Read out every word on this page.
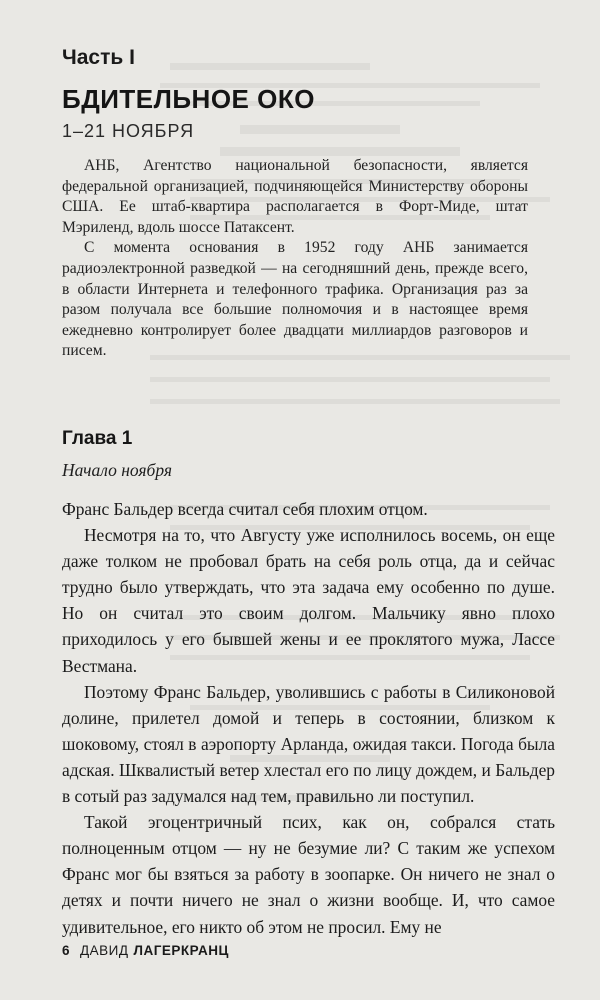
Часть I
БДИТЕЛЬНОЕ ОКО
1–21 НОЯБРЯ

АНБ, Агентство национальной безопасности, является федеральной организацией, подчиняющейся Министерству обороны США. Ее штаб-квартира располагается в Форт-Миде, штат Мэриленд, вдоль шоссе Патаксент.

С момента основания в 1952 году АНБ занимается радиоэлектронной разведкой — на сегодняшний день, прежде всего, в области Интернета и телефонного трафика. Организация раз за разом получала все большие полномочия и в настоящее время ежедневно контролирует более двадцати миллиардов разговоров и писем.

Глава 1
Начало ноября

Франс Бальдер всегда считал себя плохим отцом.

Несмотря на то, что Августу уже исполнилось восемь, он еще даже толком не пробовал брать на себя роль отца, да и сейчас трудно было утверждать, что эта задача ему особенно по душе. Но он считал это своим долгом. Мальчику явно плохо приходилось у его бывшей жены и ее проклятого мужа, Лассе Вестмана.

Поэтому Франс Бальдер, уволившись с работы в Силиконовой долине, прилетел домой и теперь в состоянии, близком к шоковому, стоял в аэропорту Арланда, ожидая такси. Погода была адская. Шквалистый ветер хлестал его по лицу дождем, и Бальдер в сотый раз задумался над тем, правильно ли поступил.

Такой эгоцентричный псих, как он, собрался стать полноценным отцом — ну не безумие ли? С таким же успехом Франс мог бы взяться за работу в зоопарке. Он ничего не знал о детях и почти ничего не знал о жизни вообще. И, что самое удивительное, его никто об этом не просил. Ему не

6 ДАВИД ЛАГЕРКРАНЦ
